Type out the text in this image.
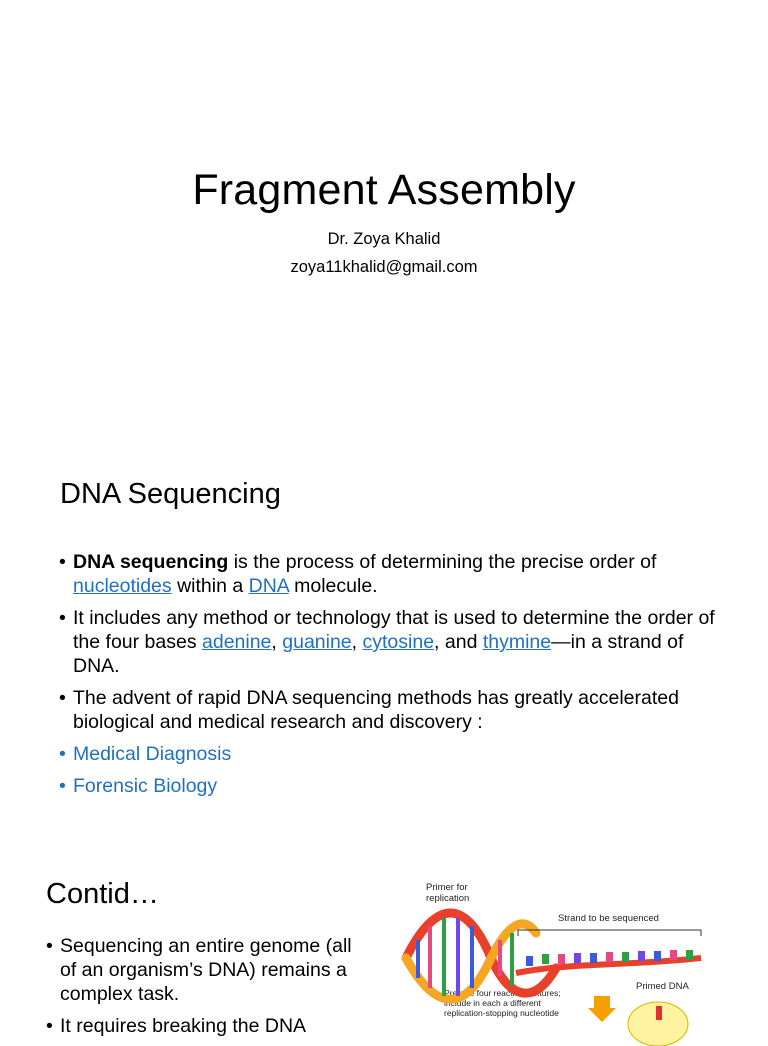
Fragment Assembly
Dr. Zoya Khalid
zoya11khalid@gmail.com
DNA Sequencing
• DNA sequencing is the process of determining the precise order of nucleotides within a DNA molecule.
• It includes any method or technology that is used to determine the order of the four bases adenine, guanine, cytosine, and thymine—in a strand of DNA.
• The advent of rapid DNA sequencing methods has greatly accelerated biological and medical research and discovery :
• Medical Diagnosis
• Forensic Biology
Contid…
• Sequencing an entire genome (all of an organism’s DNA) remains a complex task.
• It requires breaking the DNA
Primer for replication
Strand to be sequenced
Primed DNA
Prepare four reaction mixtures; include in each a different replication-stopping nucleotide
